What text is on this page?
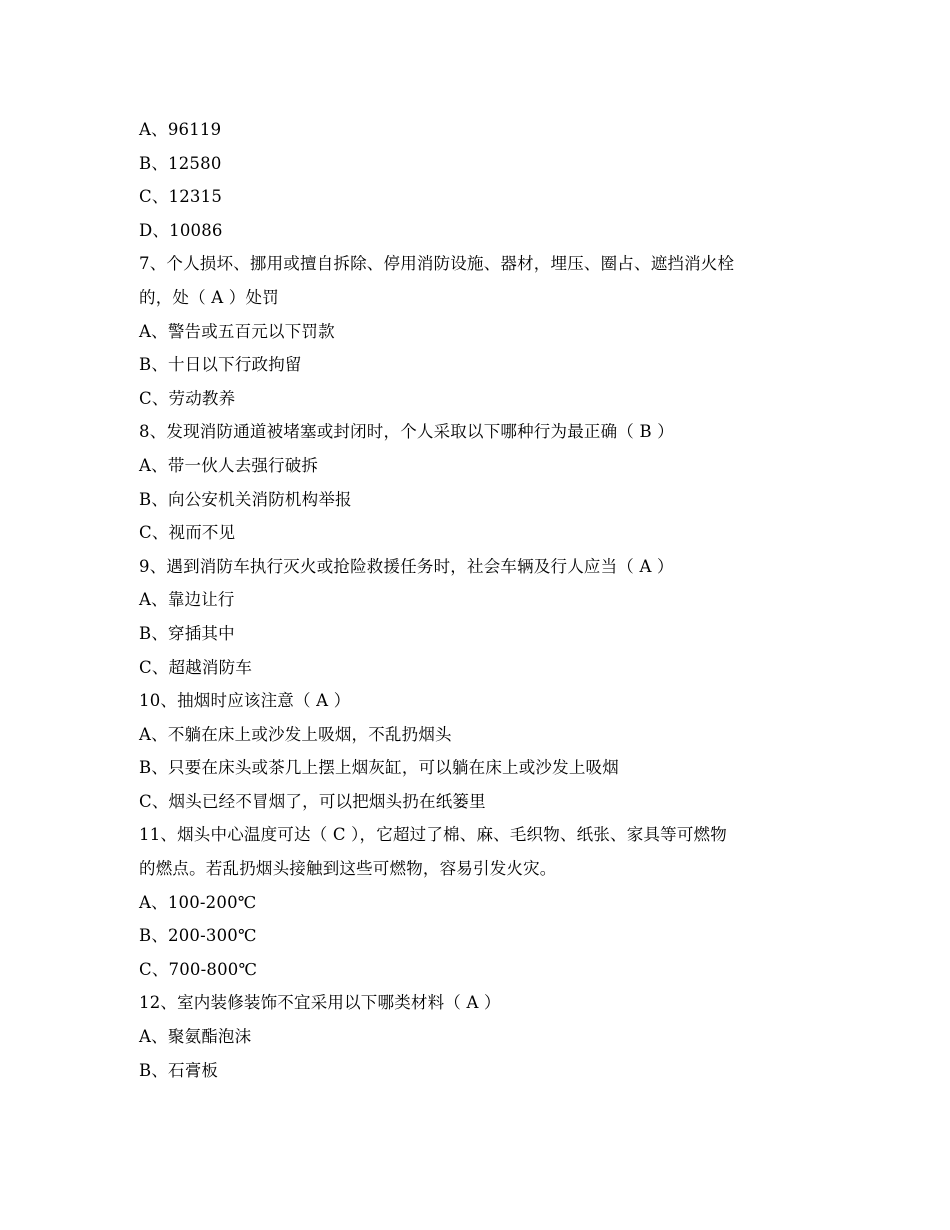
A、96119
B、12580
C、12315
D、10086
7、个人损坏、挪用或擅自拆除、停用消防设施、器材，埋压、圈占、遮挡消火栓
的，处（ A ）处罚
A、警告或五百元以下罚款
B、十日以下行政拘留
C、劳动教养
8、发现消防通道被堵塞或封闭时，个人采取以下哪种行为最正确（ B ）
A、带一伙人去强行破拆
B、向公安机关消防机构举报
C、视而不见
9、遇到消防车执行灭火或抢险救援任务时，社会车辆及行人应当（ A ）
A、靠边让行
B、穿插其中
C、超越消防车
10、抽烟时应该注意（ A ）
A、不躺在床上或沙发上吸烟，不乱扔烟头
B、只要在床头或茶几上摆上烟灰缸，可以躺在床上或沙发上吸烟
C、烟头已经不冒烟了，可以把烟头扔在纸篓里
11、烟头中心温度可达（ C ），它超过了棉、麻、毛织物、纸张、家具等可燃物
的燃点。若乱扔烟头接触到这些可燃物，容易引发火灾。
A、100-200℃
B、200-300℃
C、700-800℃
12、室内装修装饰不宜采用以下哪类材料（ A ）
A、聚氨酯泡沫
B、石膏板
